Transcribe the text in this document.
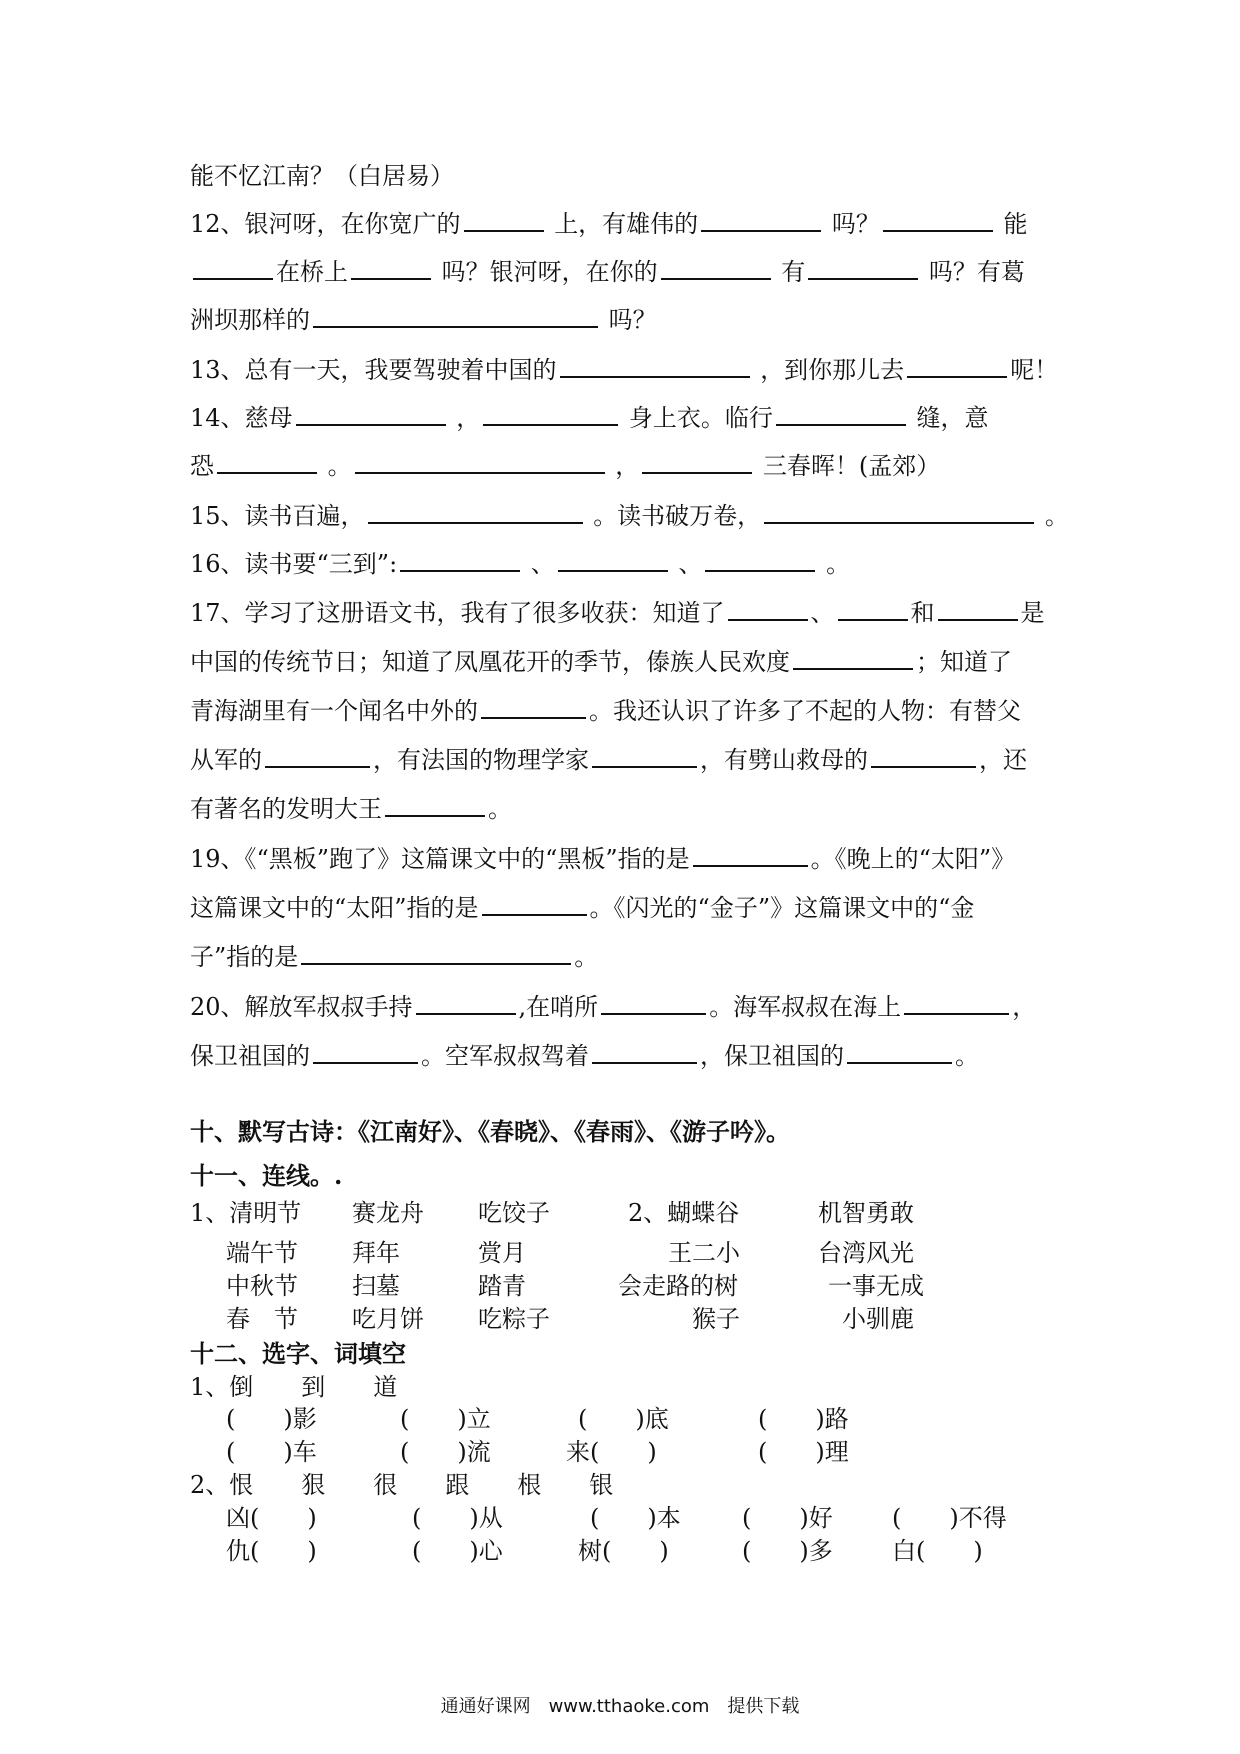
能不忆江南？（白居易）
12、银河呀，在你宽广的	上，有雄伟的	吗？	能
在桥上	吗？银河呀，在你的	有	吗？有葛
洲坝那样的	吗？
13、总有一天，我要驾驶着中国的	，到你那儿去	呢！
14、慈母	，	身上衣。临行	缝，意
恐	。	，	三春晖！(孟郊）
15、读书百遍，	。读书破万卷，	。
16、读书要“三到”:	、	、	。
17、学习了这册语文书，我有了很多收获：知道了	、	和	是
中国的传统节日；知道了凤凰花开的季节，傣族人民欢度	；知道了
青海湖里有一个闻名中外的	。我还认识了许多了不起的人物：有替父
从军的	，有法国的物理学家	，有劈山救母的	，还
有著名的发明大王	。
19、《“黑板”跑了》这篇课文中的“黑板”指的是	。《晚上的“太阳”》
这篇课文中的“太阳”指的是	。《闪光的“金子”》这篇课文中的“金
子”指的是	。
20、解放军叔叔手持	,在哨所	。海军叔叔在海上	，
保卫祖国的	。空军叔叔驾着	，保卫祖国的	。
十、默写古诗：《江南好》、《春晓》、《春雨》、《游子吟》。
十一、连线。.
1、清明节 赛龙舟 吃饺子	2、蝴蝶谷	机智勇敢
端午节 拜年	赏月	王二小	台湾风光
中秋节 扫墓	踏青	会走路的树	一事无成
春　节 吃月饼 吃粽子	猴子	小驯鹿
十二、选字、词填空
1、倒　　到　　道
(　　)影	(　　)立	(　　)底	(　　)路
(　　)车	(　　)流	来(　　)	(　　)理
2、恨　　狠　　很　　跟　　根　　银
凶(　　)	(　　)从	(　　)本	(　　)好 (　　)不得
仇(　　)	(　　)心	树(　　)	(　　)多 白(　　)
通通好课网　www.tthaoke.com　提供下载
